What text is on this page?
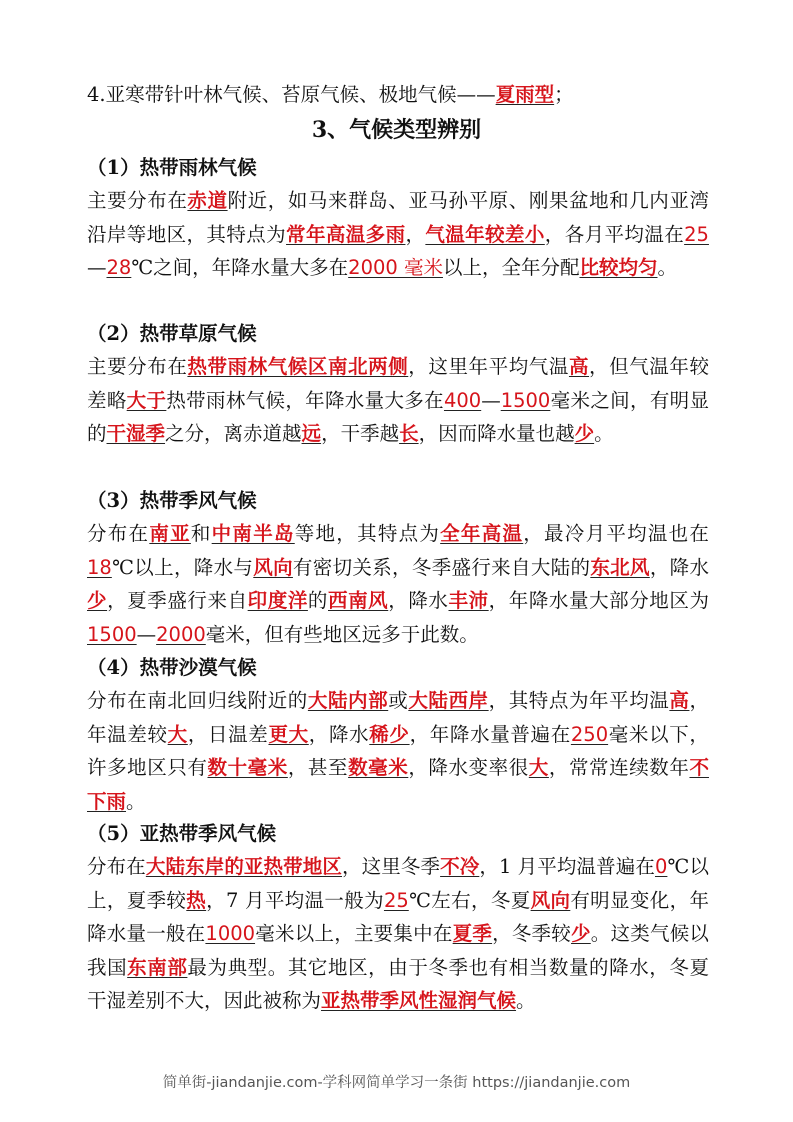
4.亚寒带针叶林气候、苔原气候、极地气候——夏雨型；
3、气候类型辨别
（1）热带雨林气候
主要分布在赤道附近，如马来群岛、亚马孙平原、刚果盆地和几内亚湾沿岸等地区，其特点为常年高温多雨，气温年较差小，各月平均温在25—28℃之间，年降水量大多在2000 毫米以上，全年分配比较均匀。
（2）热带草原气候
主要分布在热带雨林气候区南北两侧，这里年平均气温高，但气温年较差略大于热带雨林气候，年降水量大多在400—1500毫米之间，有明显的干湿季之分，离赤道越远，干季越长，因而降水量也越少。
（3）热带季风气候
分布在南亚和中南半岛等地，其特点为全年高温，最冷月平均温也在18℃以上，降水与风向有密切关系，冬季盛行来自大陆的东北风，降水少，夏季盛行来自印度洋的西南风，降水丰沛，年降水量大部分地区为1500—2000毫米，但有些地区远多于此数。
（4）热带沙漠气候
分布在南北回归线附近的大陆内部或大陆西岸，其特点为年平均温高，年温差较大，日温差更大，降水稀少，年降水量普遍在250毫米以下，许多地区只有数十毫米，甚至数毫米，降水变率很大，常常连续数年不下雨。
（5）亚热带季风气候
分布在大陆东岸的亚热带地区，这里冬季不冷，1 月平均温普遍在0℃以上，夏季较热，7 月平均温一般为25℃左右，冬夏风向有明显变化，年降水量一般在1000毫米以上，主要集中在夏季，冬季较少。这类气候以我国东南部最为典型。其它地区，由于冬季也有相当数量的降水，冬夏干湿差别不大，因此被称为亚热带季风性湿润气候。
简单街-jiandanjie.com-学科网简单学习一条街 https://jiandanjie.com
